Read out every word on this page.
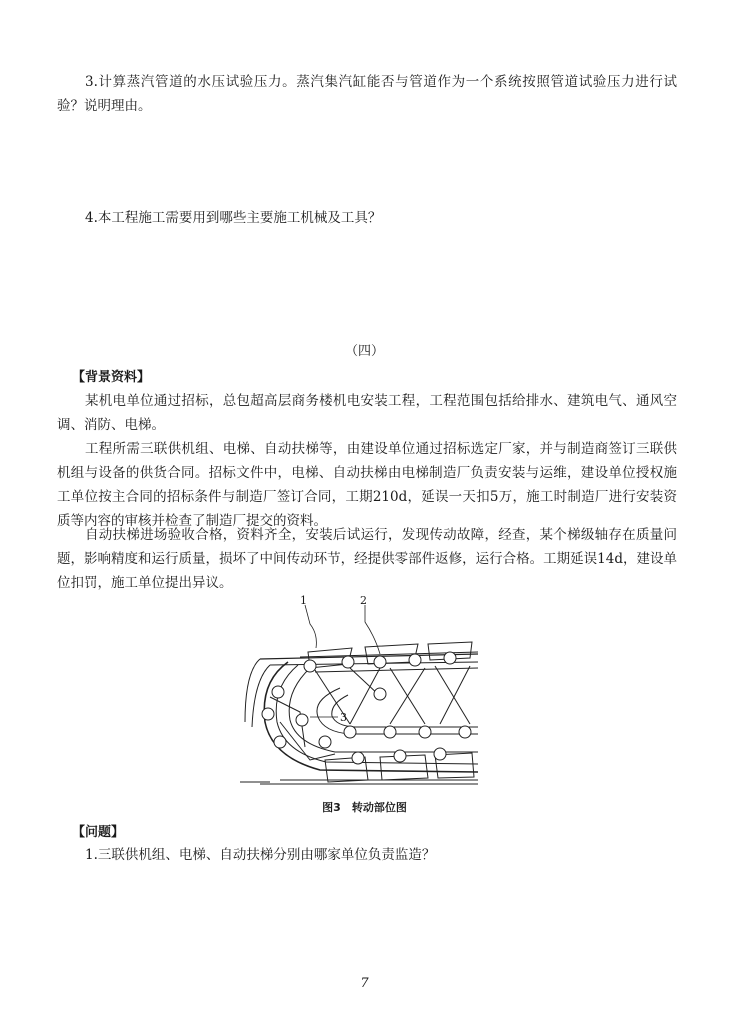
3.计算蒸汽管道的水压试验压力。蒸汽集汽缸能否与管道作为一个系统按照管道试验压力进行试验？说明理由。

4.本工程施工需要用到哪些主要施工机械及工具？

（四）
【背景资料】

某机电单位通过招标，总包超高层商务楼机电安装工程，工程范围包括给排水、建筑电气、通风空调、消防、电梯。

工程所需三联供机组、电梯、自动扶梯等，由建设单位通过招标选定厂家，并与制造商签订三联供机组与设备的供货合同。招标文件中，电梯、自动扶梯由电梯制造厂负责安装与运维，建设单位授权施工单位按主合同的招标条件与制造厂签订合同，工期210d，延误一天扣5万，施工时制造厂进行安装资质等内容的审核并检查了制造厂提交的资料。

自动扶梯进场验收合格，资料齐全，安装后试运行，发现传动故障，经查，某个梯级轴存在质量问题，影响精度和运行质量，损坏了中间传动环节，经提供零部件返修，运行合格。工期延误14d，建设单位扣罚，施工单位提出异议。

1	2
3
图3　转动部位图
【问题】

1.三联供机组、电梯、自动扶梯分别由哪家单位负责监造？

7
